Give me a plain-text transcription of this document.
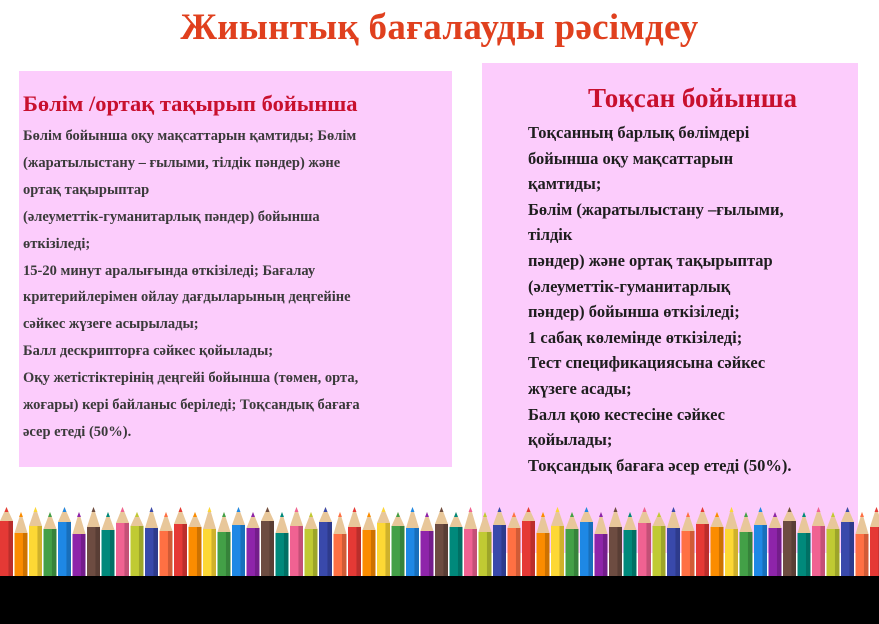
Жиынтық бағалауды рәсімдеу
Бөлім /ортақ тақырып бойынша
Бөлім бойынша оқу мақсаттарын қамтиды; Бөлім
(жаратылыстану – ғылыми, тілдік пәндер) және
ортақ тақырыптар
(әлеуметтік-гуманитарлық пәндер) бойынша
өткізіледі;
15-20 минут аралығында өткізіледі; Бағалау
критерийлерімен ойлау дағдыларының деңгейіне
сәйкес жүзеге асырылады;
Балл дескрипторға сәйкес қойылады;
Оқу жетістіктерінің деңгейі бойынша (төмен, орта,
жоғары) кері байланыс беріледі; Тоқсандық бағаға
әсер етеді (50%).
Тоқсан бойынша
Тоқсанның барлық бөлімдері
бойынша оқу мақсаттарын
қамтиды;
Бөлім (жаратылыстану –ғылыми,
тілдік
пәндер) және ортақ тақырыптар
(әлеуметтік-гуманитарлық
пәндер) бойынша өткізіледі;
1 сабақ көлемінде өткізіледі;
Тест спецификациясына сәйкес
жүзеге асады;
Балл қою кестесіне сәйкес
қойылады;
Тоқсандық бағаға әсер етеді (50%).
